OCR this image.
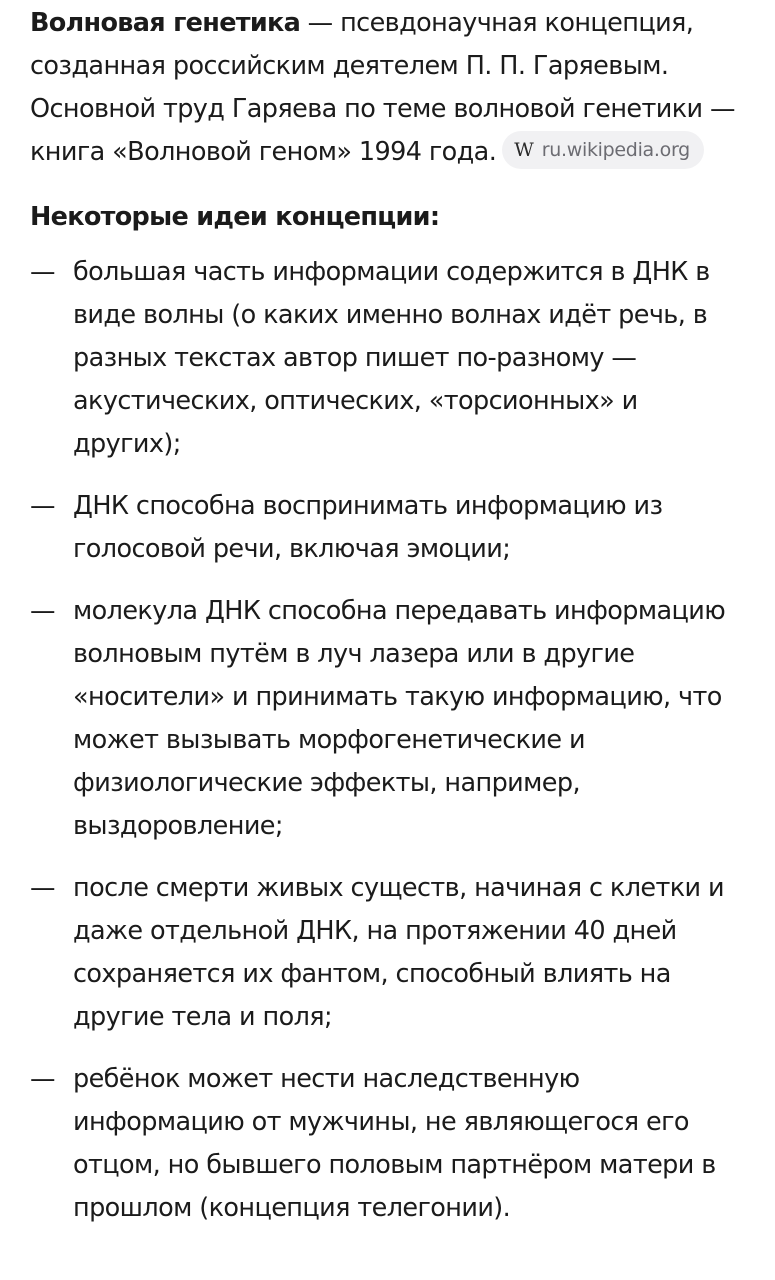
Волновая генетика — псевдонаучная концепция, созданная российским деятелем П. П. Гаряевым. Основной труд Гаряева по теме волновой генетики — книга «Волновой геном» 1994 года. W ru.wikipedia.org

Некоторые идеи концепции:
— большая часть информации содержится в ДНК в виде волны (о каких именно волнах идёт речь, в разных текстах автор пишет по-разному — акустических, оптических, «торсионных» и других);
— ДНК способна воспринимать информацию из голосовой речи, включая эмоции;
— молекула ДНК способна передавать информацию волновым путём в луч лазера или в другие «носители» и принимать такую информацию, что может вызывать морфогенетические и физиологические эффекты, например, выздоровление;
— после смерти живых существ, начиная с клетки и даже отдельной ДНК, на протяжении 40 дней сохраняется их фантом, способный влиять на другие тела и поля;
— ребёнок может нести наследственную информацию от мужчины, не являющегося его отцом, но бывшего половым партнёром матери в прошлом (концепция телегонии).
